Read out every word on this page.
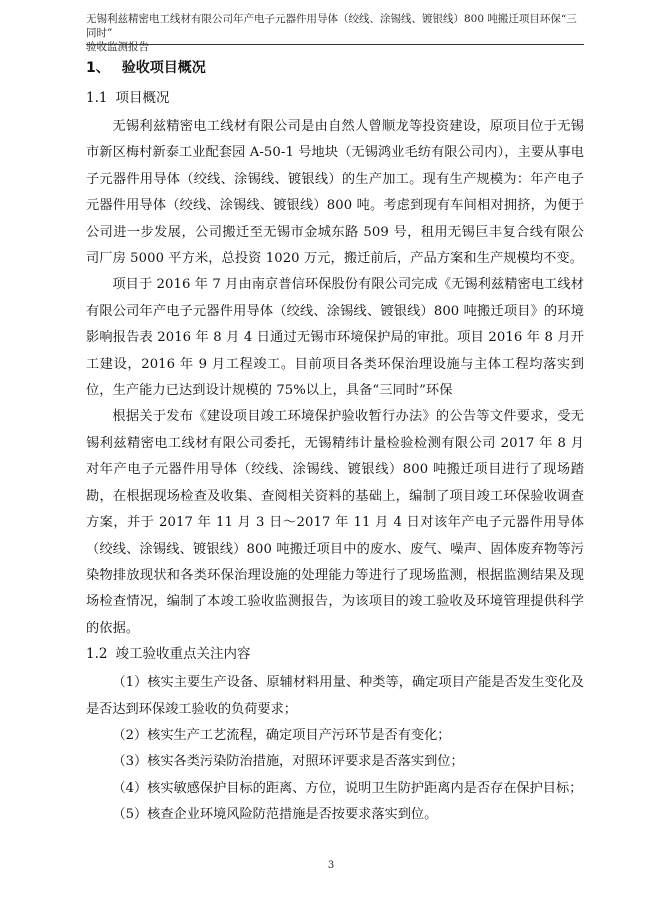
无锡利兹精密电工线材有限公司年产电子元器件用导体（绞线、涂锡线、镀银线）800 吨搬迁项目环保“三同时”
验收监测报告
1、 验收项目概况
1.1 项目概况

无锡利兹精密电工线材有限公司是由自然人曾顺龙等投资建设，原项目位于无锡市新区梅村新泰工业配套园 A-50-1 号地块（无锡鸿业毛纺有限公司内），主要从事电子元器件用导体（绞线、涂锡线、镀银线）的生产加工。现有生产规模为：年产电子元器件用导体（绞线、涂锡线、镀银线）800 吨。考虑到现有车间相对拥挤，为便于公司进一步发展，公司搬迁至无锡市金城东路 509 号，租用无锡巨丰复合线有限公司厂房 5000 平方米，总投资 1020 万元，搬迁前后，产品方案和生产规模均不变。

项目于 2016 年 7 月由南京普信环保股份有限公司完成《无锡利兹精密电工线材有限公司年产电子元器件用导体（绞线、涂锡线、镀银线）800 吨搬迁项目》的环境影响报告表 2016 年 8 月 4 日通过无锡市环境保护局的审批。项目 2016 年 8 月开工建设，2016 年 9 月工程竣工。目前项目各类环保治理设施与主体工程均落实到位，生产能力已达到设计规模的 75%以上，具备“三同时”环保

根据关于发布《建设项目竣工环境保护验收暂行办法》的公告等文件要求，受无锡利兹精密电工线材有限公司委托，无锡精纬计量检验检测有限公司 2017 年 8 月对年产电子元器件用导体（绞线、涂锡线、镀银线）800 吨搬迁项目进行了现场踏勘，在根据现场检查及收集、查阅相关资料的基础上，编制了项目竣工环保验收调查方案，并于 2017 年 11 月 3 日～2017 年 11 月 4 日对该年产电子元器件用导体（绞线、涂锡线、镀银线）800 吨搬迁项目中的废水、废气、噪声、固体废弃物等污染物排放现状和各类环保治理设施的处理能力等进行了现场监测，根据监测结果及现场检查情况，编制了本竣工验收监测报告，为该项目的竣工验收及环境管理提供科学的依据。

1.2 竣工验收重点关注内容

（1）核实主要生产设备、原辅材料用量、种类等，确定项目产能是否发生变化及是否达到环保竣工验收的负荷要求；

（2）核实生产工艺流程，确定项目产污环节是否有变化；

（3）核实各类污染防治措施，对照环评要求是否落实到位；

（4）核实敏感保护目标的距离、方位，说明卫生防护距离内是否存在保护目标；

（5）核查企业环境风险防范措施是否按要求落实到位。

3
